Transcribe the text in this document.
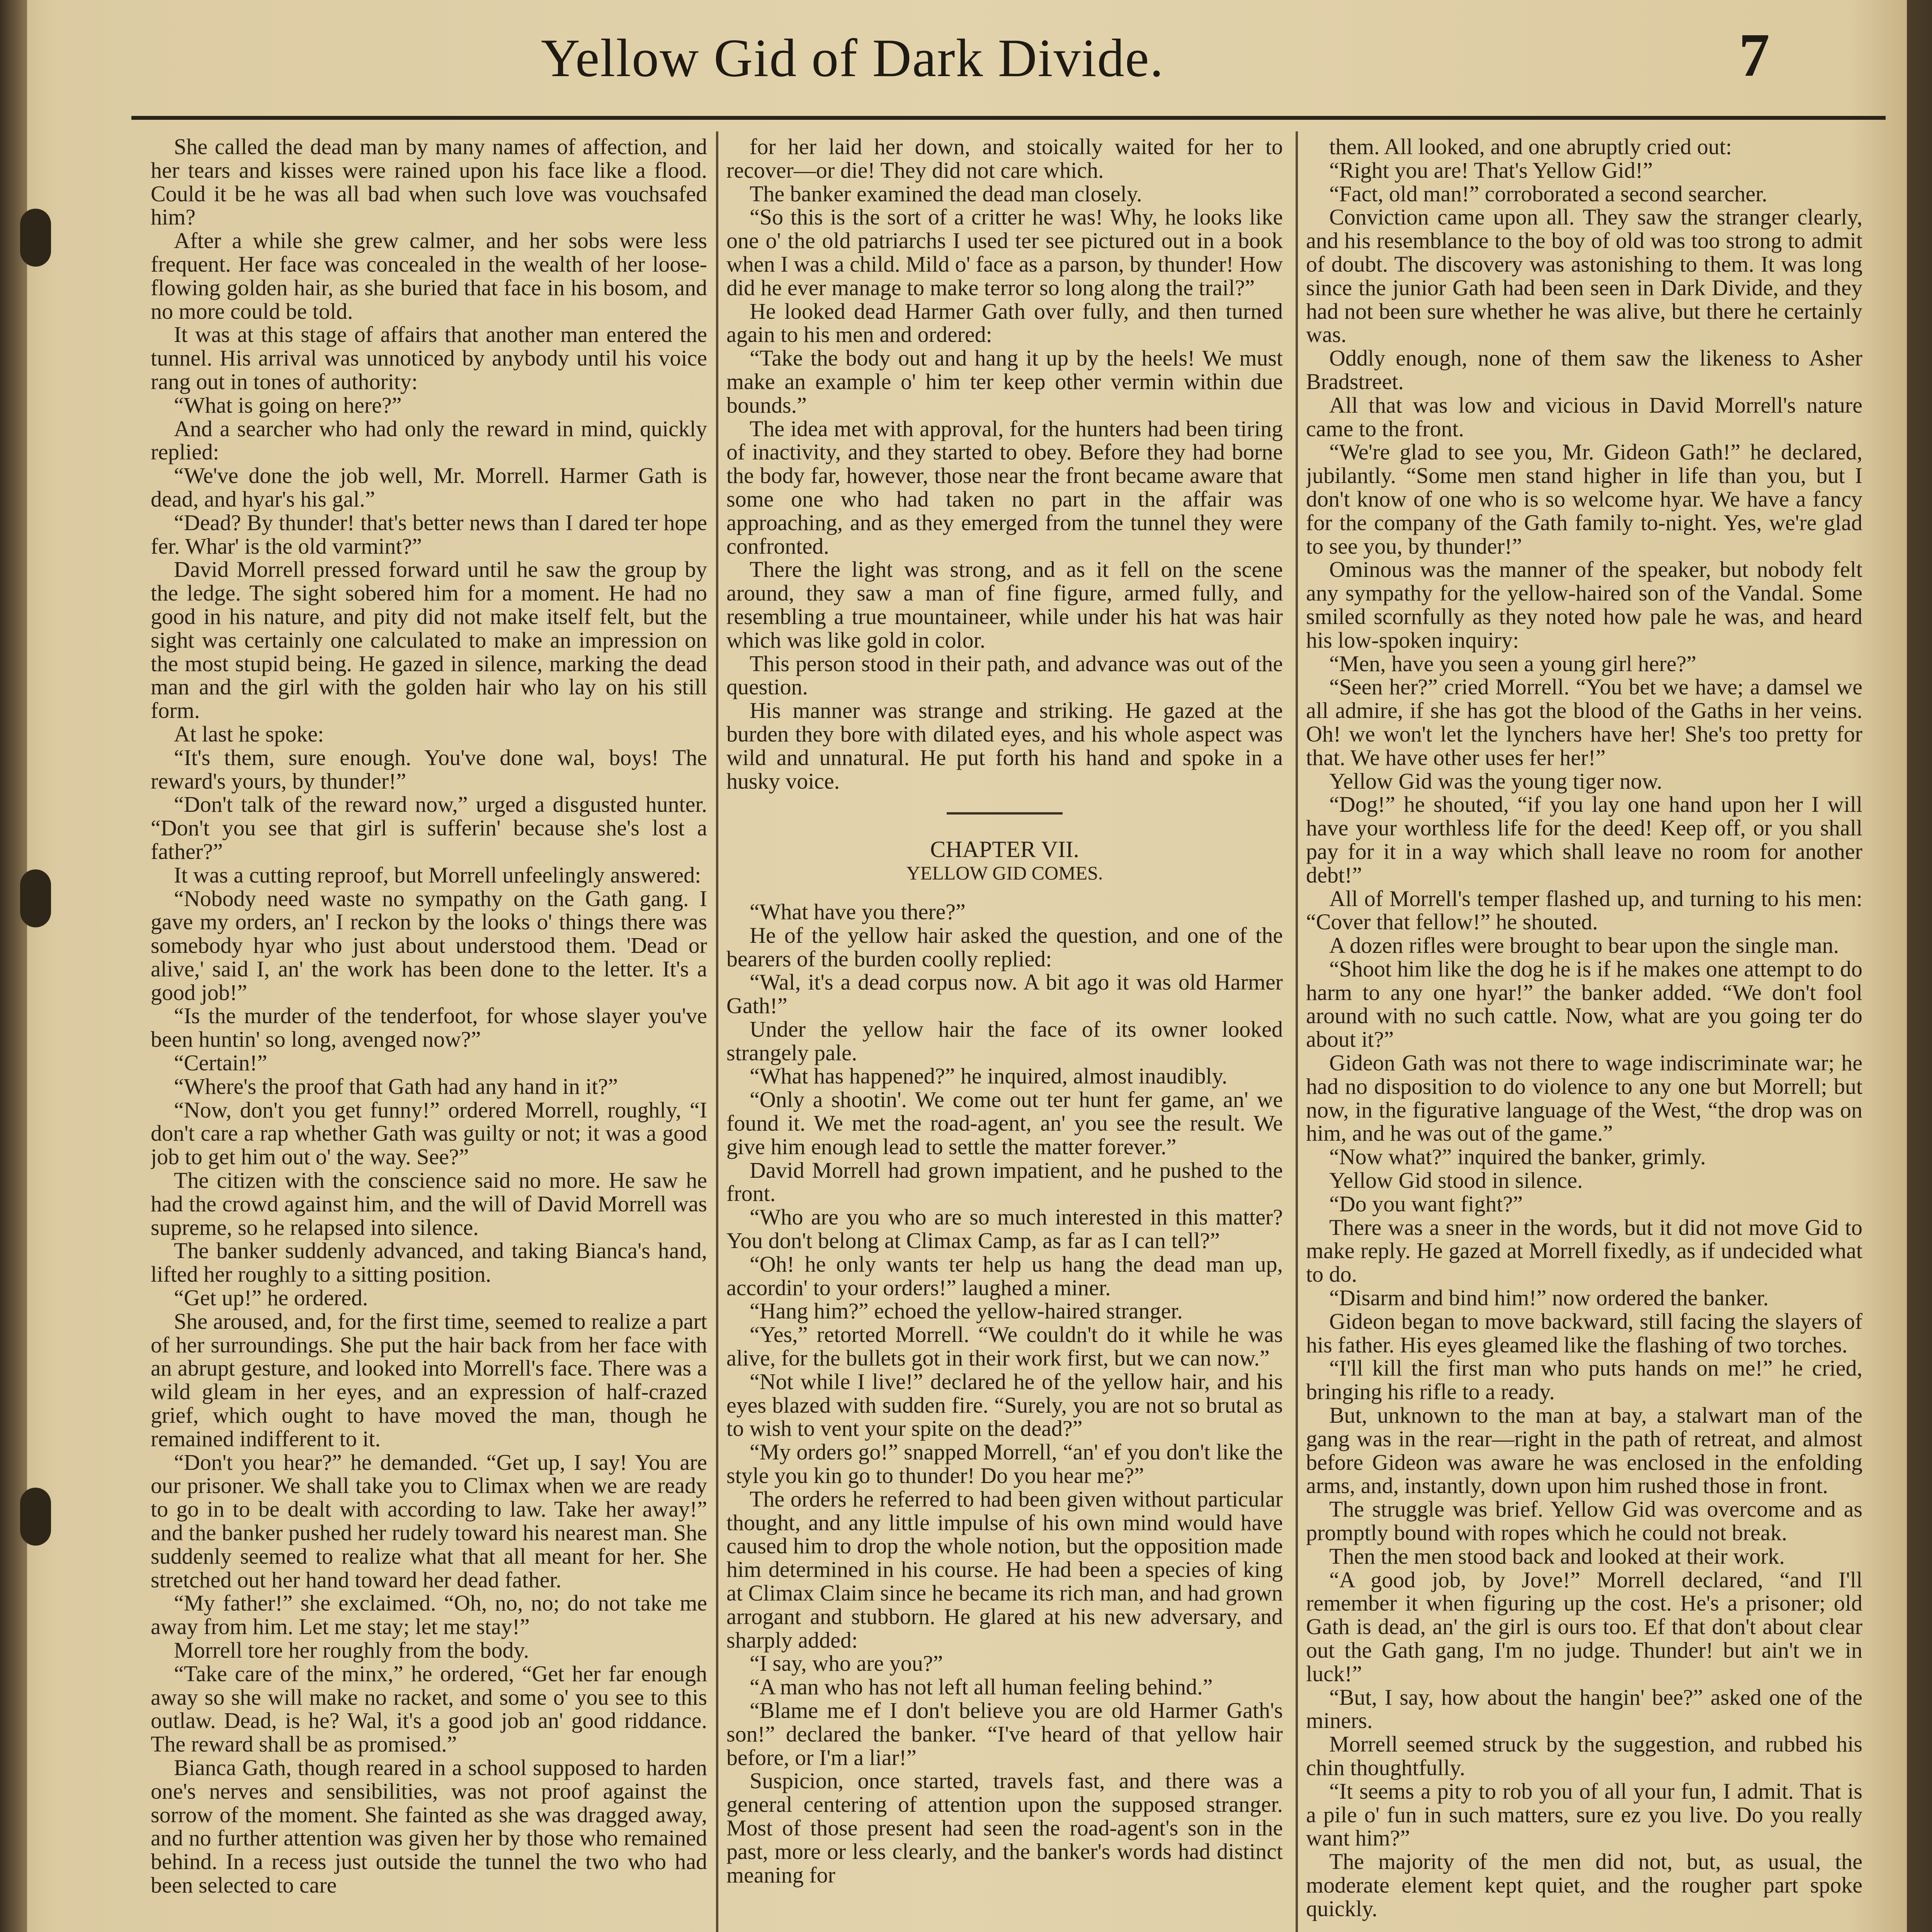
Yellow Gid of Dark Divide.	7

She called the dead man by many names of affection, and her tears and kisses were rained upon his face like a flood. Could it be he was all bad when such love was vouchsafed him?

After a while she grew calmer, and her sobs were less frequent. Her face was concealed in the wealth of her loose-flowing golden hair, as she buried that face in his bosom, and no more could be told.

It was at this stage of affairs that another man entered the tunnel. His arrival was unnoticed by anybody until his voice rang out in tones of authority:

“What is going on here?”

And a searcher who had only the reward in mind, quickly replied:

“We've done the job well, Mr. Morrell. Harmer Gath is dead, and hyar's his gal.”

“Dead? By thunder! that's better news than I dared ter hope fer. Whar' is the old varmint?”

David Morrell pressed forward until he saw the group by the ledge. The sight sobered him for a moment. He had no good in his nature, and pity did not make itself felt, but the sight was certainly one calculated to make an impression on the most stupid being. He gazed in silence, marking the dead man and the girl with the golden hair who lay on his still form.

At last he spoke:

“It's them, sure enough. You've done wal, boys! The reward's yours, by thunder!”

“Don't talk of the reward now,” urged a disgusted hunter. “Don't you see that girl is sufferin' because she's lost a father?”

It was a cutting reproof, but Morrell unfeelingly answered:

“Nobody need waste no sympathy on the Gath gang. I gave my orders, an' I reckon by the looks o' things there was somebody hyar who just about understood them. 'Dead or alive,' said I, an' the work has been done to the letter. It's a good job!”

“Is the murder of the tenderfoot, for whose slayer you've been huntin' so long, avenged now?”

“Certain!”

“Where's the proof that Gath had any hand in it?”

“Now, don't you get funny!” ordered Morrell, roughly, “I don't care a rap whether Gath was guilty or not; it was a good job to get him out o' the way. See?”

The citizen with the conscience said no more. He saw he had the crowd against him, and the will of David Morrell was supreme, so he relapsed into silence.

The banker suddenly advanced, and taking Bianca's hand, lifted her roughly to a sitting position.

“Get up!” he ordered.

She aroused, and, for the first time, seemed to realize a part of her surroundings. She put the hair back from her face with an abrupt gesture, and looked into Morrell's face. There was a wild gleam in her eyes, and an expression of half-crazed grief, which ought to have moved the man, though he remained indifferent to it.

“Don't you hear?” he demanded. “Get up, I say! You are our prisoner. We shall take you to Climax when we are ready to go in to be dealt with according to law. Take her away!” and the banker pushed her rudely toward his nearest man. She suddenly seemed to realize what that all meant for her. She stretched out her hand toward her dead father.

“My father!” she exclaimed. “Oh, no, no; do not take me away from him. Let me stay; let me stay!”

Morrell tore her roughly from the body.

“Take care of the minx,” he ordered, “Get her far enough away so she will make no racket, and some o' you see to this outlaw. Dead, is he? Wal, it's a good job an' good riddance. The reward shall be as promised.”

Bianca Gath, though reared in a school supposed to harden one's nerves and sensibilities, was not proof against the sorrow of the moment. She fainted as she was dragged away, and no further attention was given her by those who remained behind. In a recess just outside the tunnel the two who had been selected to care

for her laid her down, and stoically waited for her to recover—or die! They did not care which.

The banker examined the dead man closely.

“So this is the sort of a critter he was! Why, he looks like one o' the old patriarchs I used ter see pictured out in a book when I was a child. Mild o' face as a parson, by thunder! How did he ever manage to make terror so long along the trail?”

He looked dead Harmer Gath over fully, and then turned again to his men and ordered:

“Take the body out and hang it up by the heels! We must make an example o' him ter keep other vermin within due bounds.”

The idea met with approval, for the hunters had been tiring of inactivity, and they started to obey. Before they had borne the body far, however, those near the front became aware that some one who had taken no part in the affair was approaching, and as they emerged from the tunnel they were confronted.

There the light was strong, and as it fell on the scene around, they saw a man of fine figure, armed fully, and resembling a true mountaineer, while under his hat was hair which was like gold in color.

This person stood in their path, and advance was out of the question.

His manner was strange and striking. He gazed at the burden they bore with dilated eyes, and his whole aspect was wild and unnatural. He put forth his hand and spoke in a husky voice.

CHAPTER VII.

YELLOW GID COMES.

“What have you there?”

He of the yellow hair asked the question, and one of the bearers of the burden coolly replied:

“Wal, it's a dead corpus now. A bit ago it was old Harmer Gath!”

Under the yellow hair the face of its owner looked strangely pale.

“What has happened?” he inquired, almost inaudibly.

“Only a shootin'. We come out ter hunt fer game, an' we found it. We met the road-agent, an' you see the result. We give him enough lead to settle the matter forever.”

David Morrell had grown impatient, and he pushed to the front.

“Who are you who are so much interested in this matter? You don't belong at Climax Camp, as far as I can tell?”

“Oh! he only wants ter help us hang the dead man up, accordin' to your orders!” laughed a miner.

“Hang him?” echoed the yellow-haired stranger.

“Yes,” retorted Morrell. “We couldn't do it while he was alive, for the bullets got in their work first, but we can now.”

“Not while I live!” declared he of the yellow hair, and his eyes blazed with sudden fire. “Surely, you are not so brutal as to wish to vent your spite on the dead?”

“My orders go!” snapped Morrell, “an' ef you don't like the style you kin go to thunder! Do you hear me?”

The orders he referred to had been given without particular thought, and any little impulse of his own mind would have caused him to drop the whole notion, but the opposition made him determined in his course. He had been a species of king at Climax Claim since he became its rich man, and had grown arrogant and stubborn. He glared at his new adversary, and sharply added:

“I say, who are you?”

“A man who has not left all human feeling behind.”

“Blame me ef I don't believe you are old Harmer Gath's son!” declared the banker. “I've heard of that yellow hair before, or I'm a liar!”

Suspicion, once started, travels fast, and there was a general centering of attention upon the supposed stranger. Most of those present had seen the road-agent's son in the past, more or less clearly, and the banker's words had distinct meaning for

them. All looked, and one abruptly cried out:

“Right you are! That's Yellow Gid!”

“Fact, old man!” corroborated a second searcher.

Conviction came upon all. They saw the stranger clearly, and his resemblance to the boy of old was too strong to admit of doubt. The discovery was astonishing to them. It was long since the junior Gath had been seen in Dark Divide, and they had not been sure whether he was alive, but there he certainly was.

Oddly enough, none of them saw the likeness to Asher Bradstreet.

All that was low and vicious in David Morrell's nature came to the front.

“We're glad to see you, Mr. Gideon Gath!” he declared, jubilantly. “Some men stand higher in life than you, but I don't know of one who is so welcome hyar. We have a fancy for the company of the Gath family to-night. Yes, we're glad to see you, by thunder!”

Ominous was the manner of the speaker, but nobody felt any sympathy for the yellow-haired son of the Vandal. Some smiled scornfully as they noted how pale he was, and heard his low-spoken inquiry:

“Men, have you seen a young girl here?”

“Seen her?” cried Morrell. “You bet we have; a damsel we all admire, if she has got the blood of the Gaths in her veins. Oh! we won't let the lynchers have her! She's too pretty for that. We have other uses fer her!”

Yellow Gid was the young tiger now.

“Dog!” he shouted, “if you lay one hand upon her I will have your worthless life for the deed! Keep off, or you shall pay for it in a way which shall leave no room for another debt!”

All of Morrell's temper flashed up, and turning to his men: “Cover that fellow!” he shouted.

A dozen rifles were brought to bear upon the single man.

“Shoot him like the dog he is if he makes one attempt to do harm to any one hyar!” the banker added. “We don't fool around with no such cattle. Now, what are you going ter do about it?”

Gideon Gath was not there to wage indiscriminate war; he had no disposition to do violence to any one but Morrell; but now, in the figurative language of the West, “the drop was on him, and he was out of the game.”

“Now what?” inquired the banker, grimly.

Yellow Gid stood in silence.

“Do you want fight?”

There was a sneer in the words, but it did not move Gid to make reply. He gazed at Morrell fixedly, as if undecided what to do.

“Disarm and bind him!” now ordered the banker.

Gideon began to move backward, still facing the slayers of his father. His eyes gleamed like the flashing of two torches.

“I'll kill the first man who puts hands on me!” he cried, bringing his rifle to a ready.

But, unknown to the man at bay, a stalwart man of the gang was in the rear—right in the path of retreat, and almost before Gideon was aware he was enclosed in the enfolding arms, and, instantly, down upon him rushed those in front.

The struggle was brief. Yellow Gid was overcome and as promptly bound with ropes which he could not break.

Then the men stood back and looked at their work.

“A good job, by Jove!” Morrell declared, “and I'll remember it when figuring up the cost. He's a prisoner; old Gath is dead, an' the girl is ours too. Ef that don't about clear out the Gath gang, I'm no judge. Thunder! but ain't we in luck!”

“But, I say, how about the hangin' bee?” asked one of the miners.

Morrell seemed struck by the suggestion, and rubbed his chin thoughtfully.

“It seems a pity to rob you of all your fun, I admit. That is a pile o' fun in such matters, sure ez you live. Do you really want him?”

The majority of the men did not, but, as usual, the moderate element kept quiet, and the rougher part spoke quickly.
